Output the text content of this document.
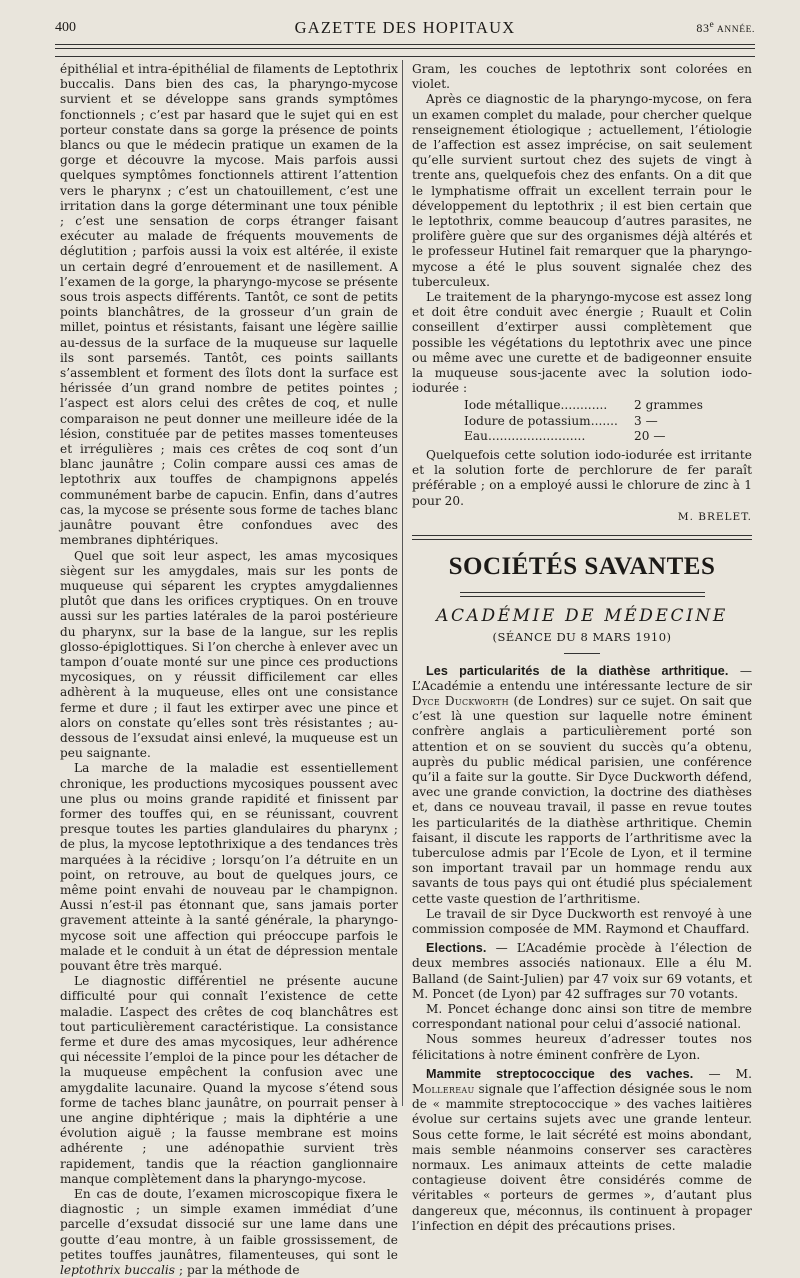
400	GAZETTE DES HOPITAUX	83e ANNÉE.

épithélial et intra-épithélial de filaments de Leptothrix buccalis. Dans bien des cas, la pharyngo-mycose survient et se développe sans grands symptômes fonctionnels ; c’est par hasard que le sujet qui en est porteur constate dans sa gorge la présence de points blancs ou que le médecin pratique un examen de la gorge et découvre la mycose. Mais parfois aussi quelques symptômes fonctionnels attirent l’attention vers le pharynx ; c’est un chatouillement, c’est une irritation dans la gorge déterminant une toux pénible ; c’est une sensation de corps étranger faisant exécuter au malade de fréquents mouvements de déglutition ; parfois aussi la voix est altérée, il existe un certain degré d’enrouement et de nasillement. A l’examen de la gorge, la pharyngo-mycose se présente sous trois aspects différents. Tantôt, ce sont de petits points blanchâtres, de la grosseur d’un grain de millet, pointus et résistants, faisant une légère saillie au-dessus de la surface de la muqueuse sur laquelle ils sont parsemés. Tantôt, ces points saillants s’assemblent et forment des îlots dont la surface est hérissée d’un grand nombre de petites pointes ; l’aspect est alors celui des crêtes de coq, et nulle comparaison ne peut donner une meilleure idée de la lésion, constituée par de petites masses tomenteuses et irrégulières ; mais ces crêtes de coq sont d’un blanc jaunâtre ; Colin compare aussi ces amas de leptothrix aux touffes de champignons appelés communément barbe de capucin. Enfin, dans d’autres cas, la mycose se présente sous forme de taches blanc jaunâtre pouvant être confondues avec des membranes diphtériques.

Quel que soit leur aspect, les amas mycosiques siègent sur les amygdales, mais sur les ponts de muqueuse qui séparent les cryptes amygdaliennes plutôt que dans les orifices cryptiques. On en trouve aussi sur les parties latérales de la paroi postérieure du pharynx, sur la base de la langue, sur les replis glosso-épiglottiques. Si l’on cherche à enlever avec un tampon d’ouate monté sur une pince ces productions mycosiques, on y réussit difficilement car elles adhèrent à la muqueuse, elles ont une consistance ferme et dure ; il faut les extirper avec une pince et alors on constate qu’elles sont très résistantes ; au-dessous de l’exsudat ainsi enlevé, la muqueuse est un peu saignante.

La marche de la maladie est essentiellement chronique, les productions mycosiques poussent avec une plus ou moins grande rapidité et finissent par former des touffes qui, en se réunissant, couvrent presque toutes les parties glandulaires du pharynx ; de plus, la mycose leptothrixique a des tendances très marquées à la récidive ; lorsqu’on l’a détruite en un point, on retrouve, au bout de quelques jours, ce même point envahi de nouveau par le champignon. Aussi n’est-il pas étonnant que, sans jamais porter gravement atteinte à la santé générale, la pharyngo-mycose soit une affection qui préoccupe parfois le malade et le conduit à un état de dépression mentale pouvant être très marqué.

Le diagnostic différentiel ne présente aucune difficulté pour qui connaît l’existence de cette maladie. L’aspect des crêtes de coq blanchâtres est tout particulièrement caractéristique. La consistance ferme et dure des amas mycosiques, leur adhérence qui nécessite l’emploi de la pince pour les détacher de la muqueuse empêchent la confusion avec une amygdalite lacunaire. Quand la mycose s’étend sous forme de taches blanc jaunâtre, on pourrait penser à une angine diphtérique ; mais la diphtérie a une évolution aiguë ; la fausse membrane est moins adhérente ; une adénopathie survient très rapidement, tandis que la réaction ganglionnaire manque complètement dans la pharyngo-mycose.

En cas de doute, l’examen microscopique fixera le diagnostic ; un simple examen immédiat d’une parcelle d’exsudat dissocié sur une lame dans une goutte d’eau montre, à un faible grossissement, de petites touffes jaunâtres, filamenteuses, qui sont le leptothrix buccalis ; par la méthode de

Gram, les couches de leptothrix sont colorées en violet.

Après ce diagnostic de la pharyngo-mycose, on fera un examen complet du malade, pour chercher quelque renseignement étiologique ; actuellement, l’étiologie de l’affection est assez imprécise, on sait seulement qu’elle survient surtout chez des sujets de vingt à trente ans, quelquefois chez des enfants. On a dit que le lymphatisme offrait un excellent terrain pour le développement du leptothrix ; il est bien certain que le leptothrix, comme beaucoup d’autres parasites, ne prolifère guère que sur des organismes déjà altérés et le professeur Hutinel fait remarquer que la pharyngo-mycose a été le plus souvent signalée chez des tuberculeux.

Le traitement de la pharyngo-mycose est assez long et doit être conduit avec énergie ; Ruault et Colin conseillent d’extirper aussi complètement que possible les végétations du leptothrix avec une pince ou même avec une curette et de badigeonner ensuite la muqueuse sous-jacente avec la solution iodo-iodurée :

Iode métallique............	2 grammes
Iodure de potassium.......	3 —
Eau.........................	20 —

Quelquefois cette solution iodo-iodurée est irritante et la solution forte de perchlorure de fer paraît préférable ; on a employé aussi le chlorure de zinc à 1 pour 20.

M. BRELET.
SOCIÉTÉS SAVANTES
ACADÉMIE DE MÉDECINE
(SÉANCE DU 8 MARS 1910)

Les particularités de la diathèse arthritique. — L’Académie a entendu une intéressante lecture de sir Dyce Duckworth (de Londres) sur ce sujet. On sait que c’est là une question sur laquelle notre éminent confrère anglais a particulièrement porté son attention et on se souvient du succès qu’a obtenu, auprès du public médical parisien, une conférence qu’il a faite sur la goutte. Sir Dyce Duckworth défend, avec une grande conviction, la doctrine des diathèses et, dans ce nouveau travail, il passe en revue toutes les particularités de la diathèse arthritique. Chemin faisant, il discute les rapports de l’arthritisme avec la tuberculose admis par l’Ecole de Lyon, et il termine son important travail par un hommage rendu aux savants de tous pays qui ont étudié plus spécialement cette vaste question de l’arthritisme.

Le travail de sir Dyce Duckworth est renvoyé à une commission composée de MM. Raymond et Chauffard.

Elections. — L’Académie procède à l’élection de deux membres associés nationaux. Elle a élu M. Balland (de Saint-Julien) par 47 voix sur 69 votants, et M. Poncet (de Lyon) par 42 suffrages sur 70 votants.

M. Poncet échange donc ainsi son titre de membre correspondant national pour celui d’associé national.

Nous sommes heureux d’adresser toutes nos félicitations à notre éminent confrère de Lyon.

Mammite streptococcique des vaches. — M. Mollereau signale que l’affection désignée sous le nom de « mammite streptococcique » des vaches laitières évolue sur certains sujets avec une grande lenteur. Sous cette forme, le lait sécrété est moins abondant, mais semble néanmoins conserver ses caractères normaux. Les animaux atteints de cette maladie contagieuse doivent être considérés comme de véritables « porteurs de germes », d’autant plus dangereux que, méconnus, ils continuent à propager l’infection en dépit des précautions prises.
